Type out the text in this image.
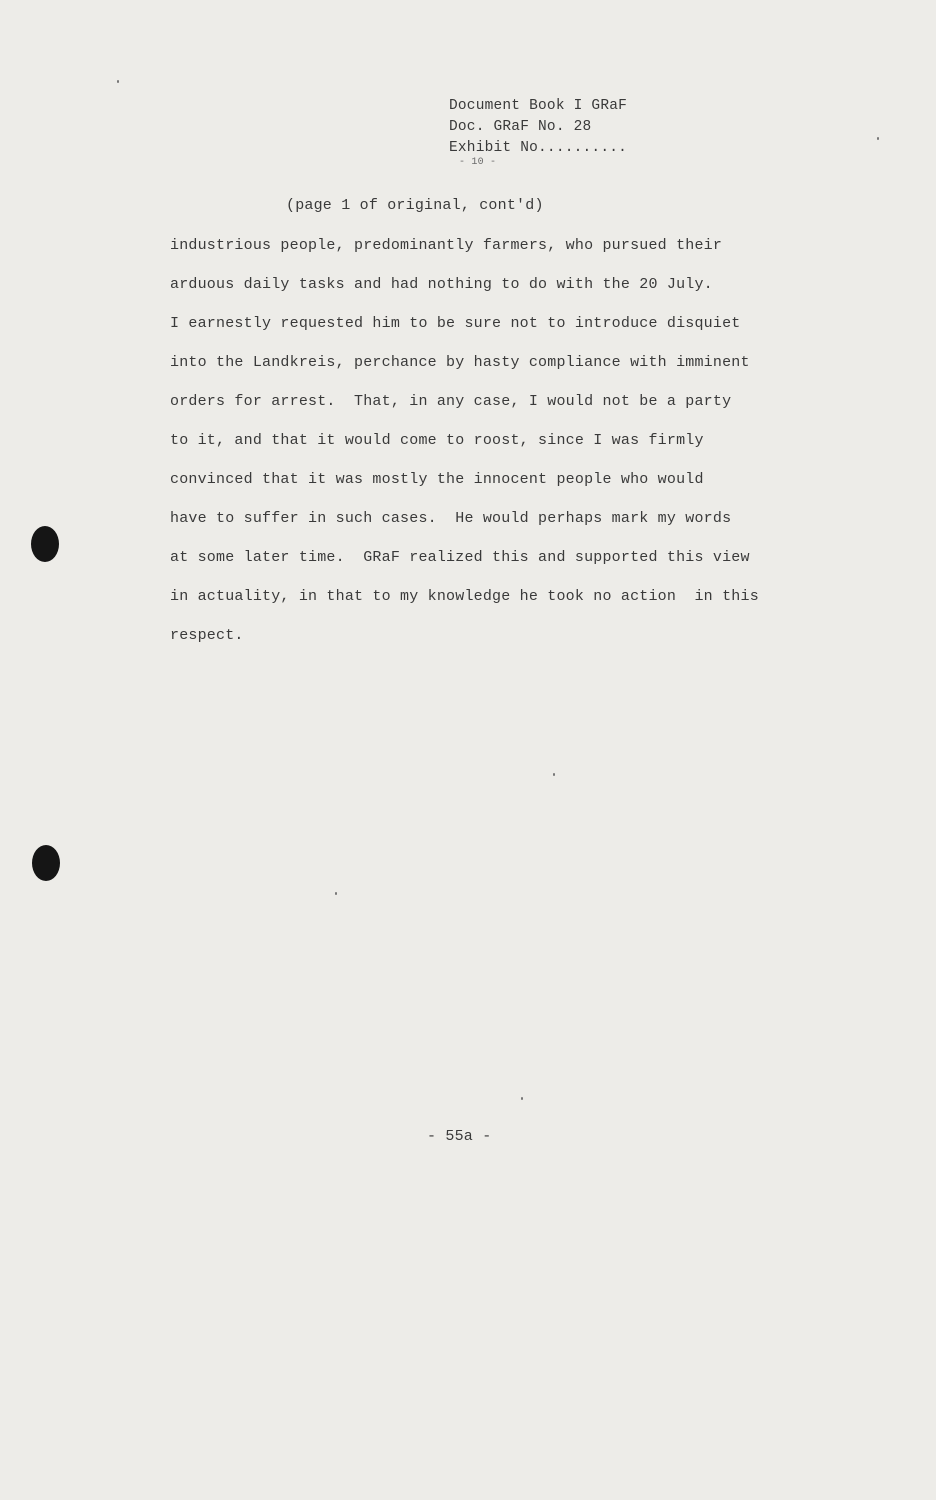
Document Book I GRaF
Doc. GRaF No. 28
Exhibit No..........
- 10 -
(page 1 of original, cont'd)
industrious people, predominantly farmers, who pursued their
arduous daily tasks and had nothing to do with the 20 July.
I earnestly requested him to be sure not to introduce disquiet
into the Landkreis, perchance by hasty compliance with imminent
orders for arrest.  That, in any case, I would not be a party
to it, and that it would come to roost, since I was firmly
convinced that it was mostly the innocent people who would
have to suffer in such cases.  He would perhaps mark my words
at some later time.  GRaF realized this and supported this view
in actuality, in that to my knowledge he took no action  in this
respect.
- 55a -
